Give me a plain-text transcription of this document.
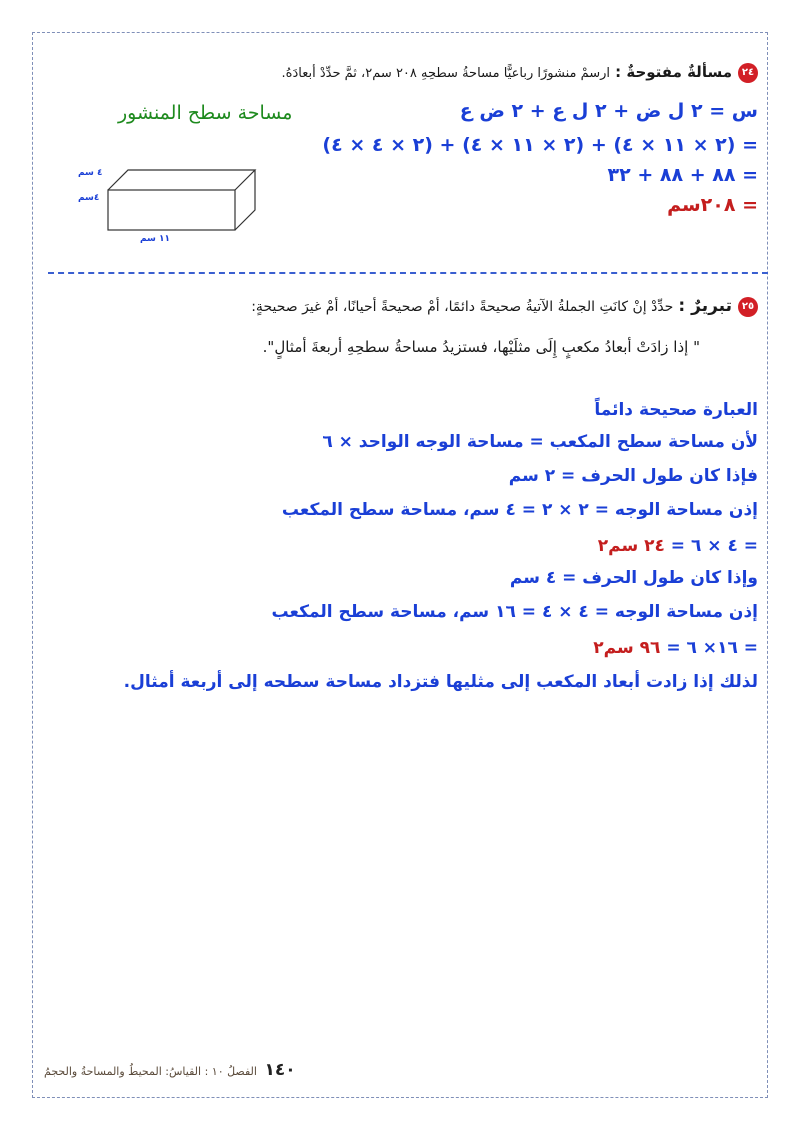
٢٤مسألةٌ مفتوحةٌ : ارسمْ منشورًا رباعيًّا مساحةُ سطحِهِ ٢٠٨ سم٢، ثمَّ حدِّدْ أبعادَهُ.
س = ٢ ل ض + ٢ ل ع + ٢ ض ع
مساحة سطح المنشور
= (٢ × ١١ × ٤) + (٢ × ١١ × ٤) + (٢ × ٤ × ٤)
= ٨٨ + ٨٨ + ٣٢
= ٢٠٨سم
٤ سم
٤سم
١١ سم
٢٥تبريرٌ : حدِّدْ إنْ كانَتِ الجملةُ الآتيةُ صحيحةً دائمًا، أمْ صحيحةً أحيانًا، أمْ غيرَ صحيحةٍ:
" إذا زادَتْ أبعادُ مكعبٍ إِلَى مثلَيْها، فستزيدُ مساحةُ سطحِهِ أربعةَ أمثالٍ".
العبارة صحيحة دائماً
لأن مساحة سطح المكعب = مساحة الوجه الواحد × ٦
فإذا كان طول الحرف = ٢ سم
إذن مساحة الوجه = ٢ × ٢ = ٤ سم، مساحة سطح المكعب
= ٤ × ٦ = ٢٤ سم٢
وإذا كان طول الحرف = ٤ سم
إذن مساحة الوجه = ٤ × ٤ = ١٦ سم، مساحة سطح المكعب
= ١٦× ٦ = ٩٦ سم٢
لذلك إذا زادت أبعاد المكعب إلى مثليها فتزداد مساحة سطحه إلى أربعة أمثال.
١٤٠ الفصلُ ١٠ : القياسُ: المحيطُ والمساحةُ والحجمُ
